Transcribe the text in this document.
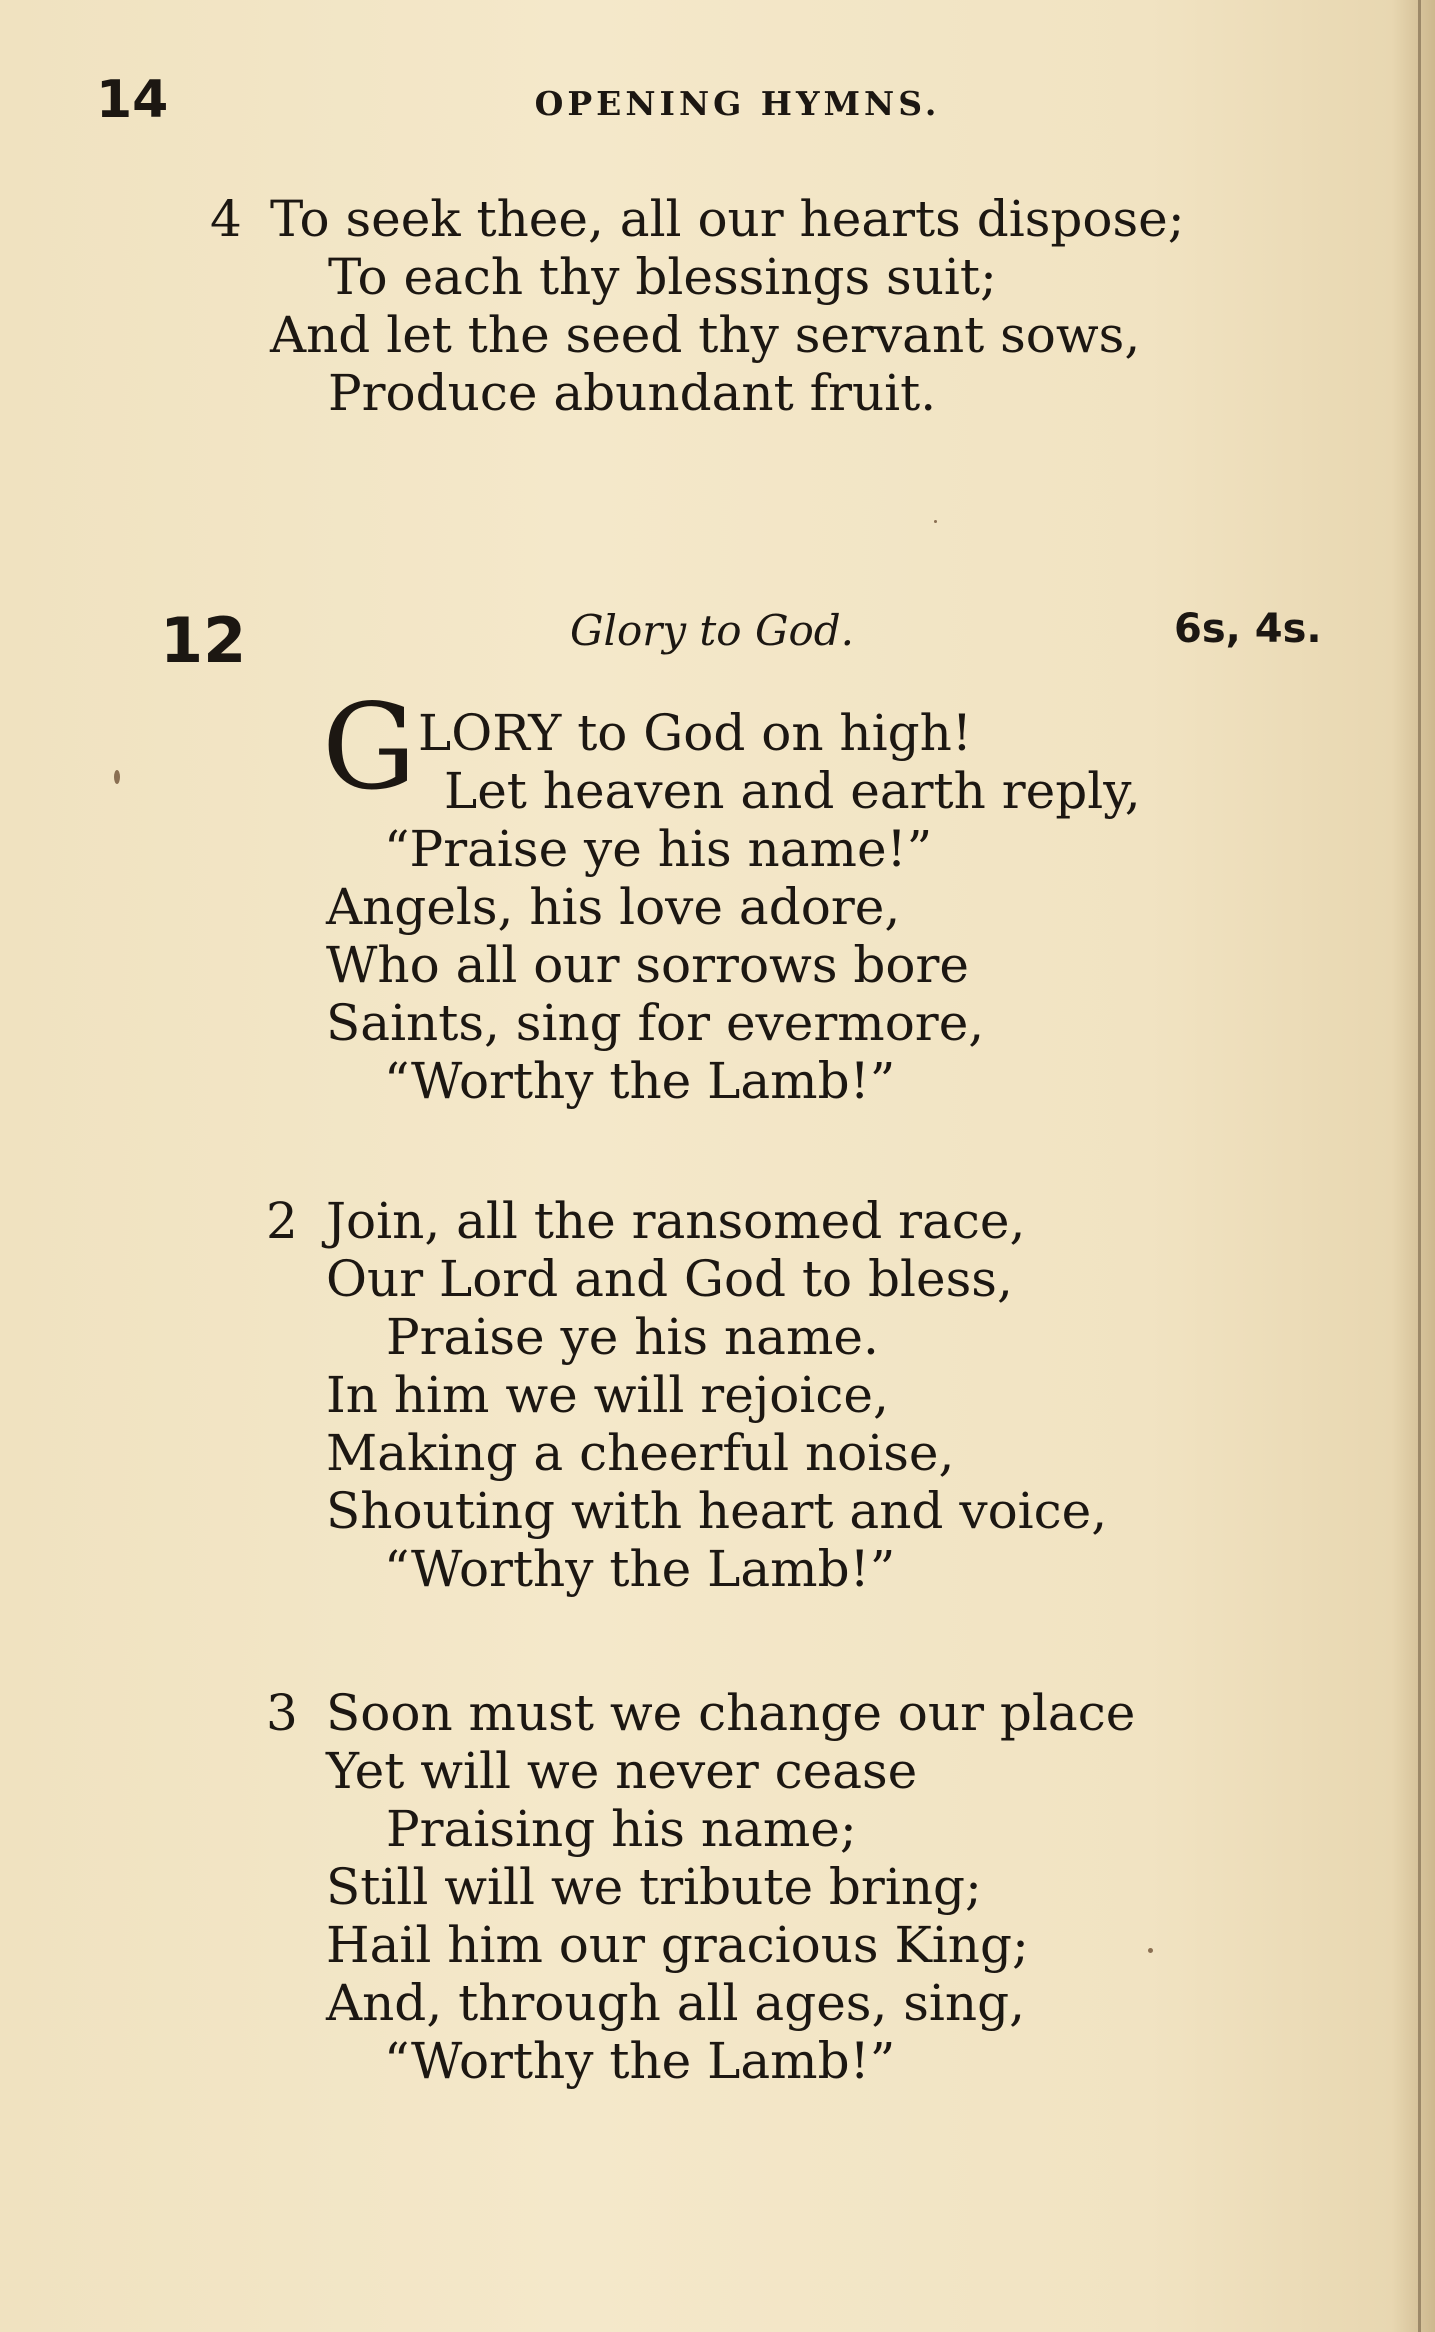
14	OPENING HYMNS.
4 To seek thee, all our hearts dispose;
To each thy blessings suit;
And let the seed thy servant sows,
Produce abundant fruit.
12	Glory to God.	6s, 4s.
G LORY to God on high!
Let heaven and earth reply,
“Praise ye his name!”
Angels, his love adore,
Who all our sorrows bore
Saints, sing for evermore,
“Worthy the Lamb!”
2 Join, all the ransomed race,
Our Lord and God to bless,
Praise ye his name.
In him we will rejoice,
Making a cheerful noise,
Shouting with heart and voice,
“Worthy the Lamb!”
3 Soon must we change our place
Yet will we never cease
Praising his name;
Still will we tribute bring;
Hail him our gracious King;
And, through all ages, sing,
“Worthy the Lamb!”
